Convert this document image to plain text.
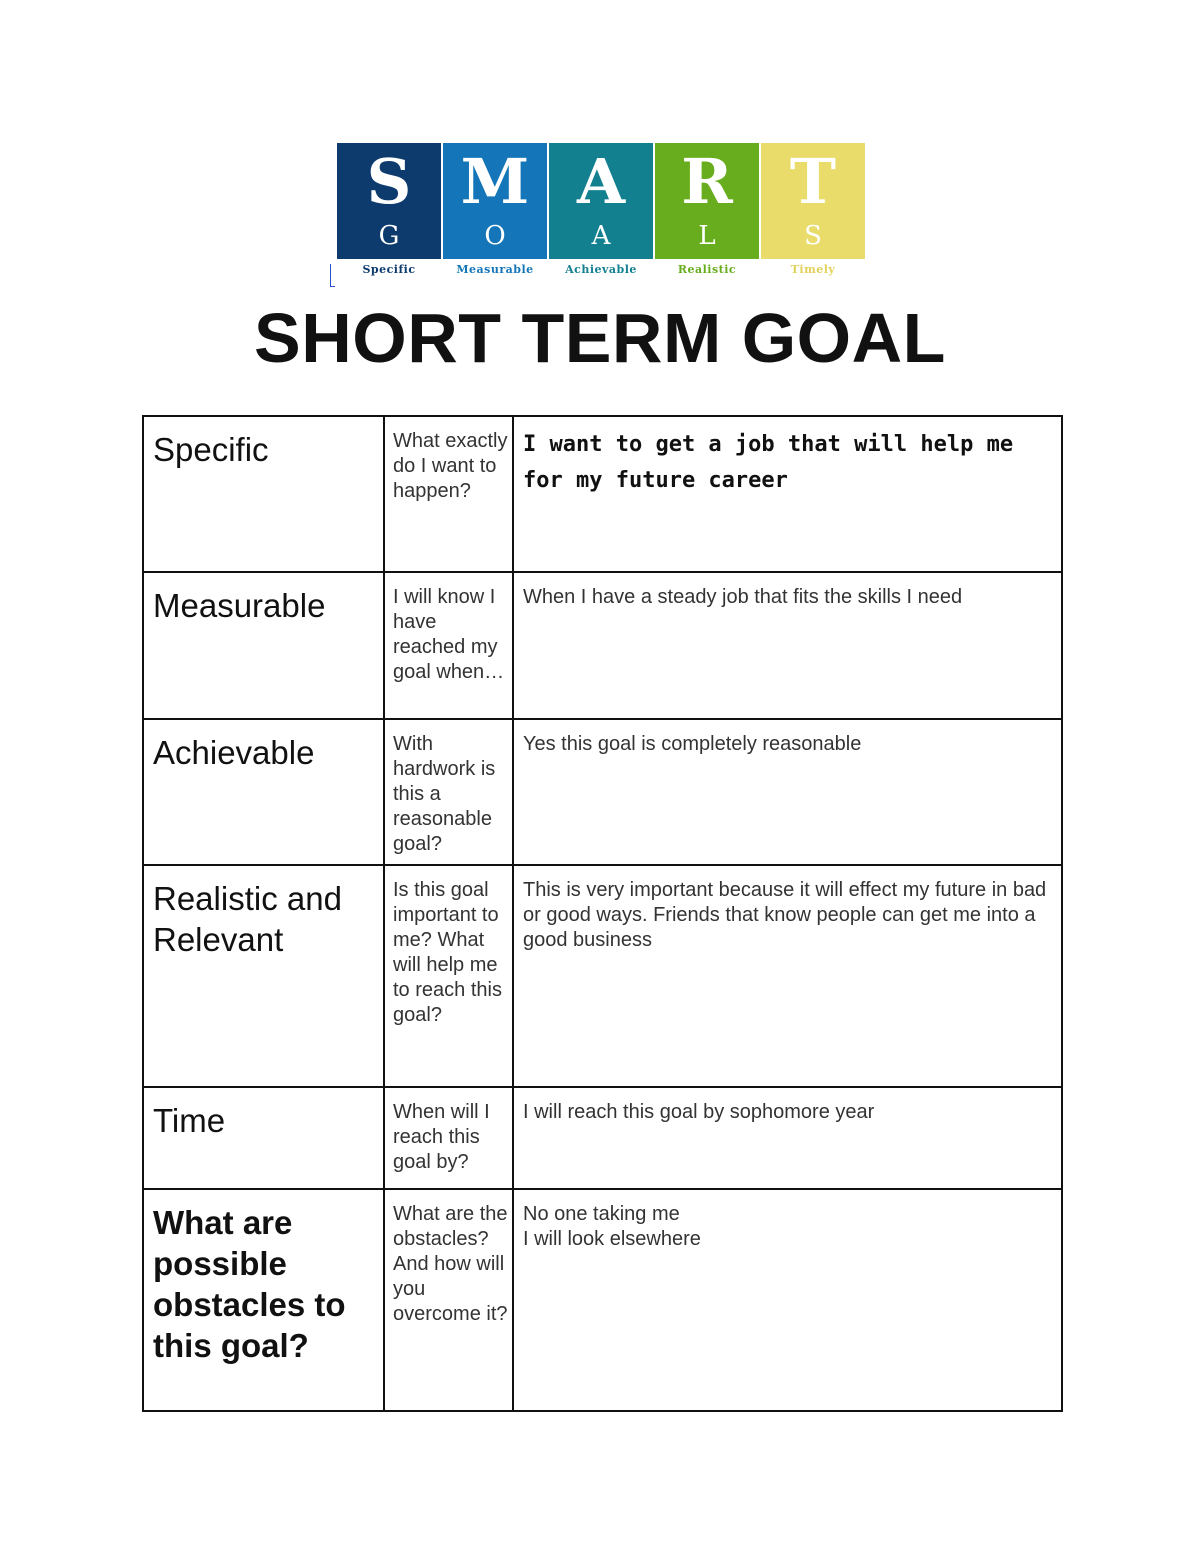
S
G
M
O
A
A
R
L
T
S
Specific	Measurable	Achievable	Realistic	Timely
SHORT TERM GOAL
Specific	What exactly do I want to happen?	I want to get a job that will help me for my future career

Measurable	I will know I have reached my goal when…	When I have a steady job that fits the skills I need

Achievable	With hardwork is this a reasonable goal?	Yes this goal is completely reasonable

Realistic and Relevant	Is this goal important to me? What will help me to reach this goal?	This is very important because it will effect my future in bad or good ways. Friends that know people can get me into a good business

Time	When will I reach this goal by?	I will reach this goal by sophomore year

What are possible obstacles to this goal?	What are the obstacles? And how will you overcome it?	No one taking me
I will look elsewhere
